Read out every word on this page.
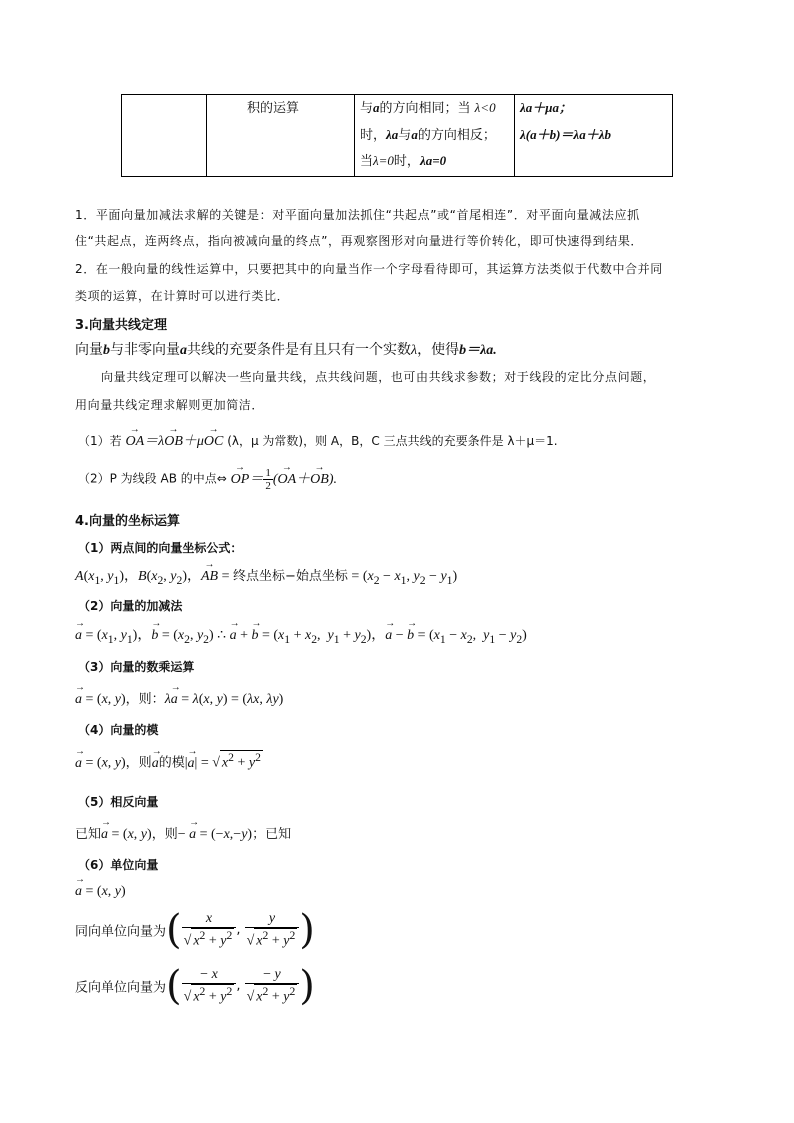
积的运算	与a的方向相同；当 λ<0
时，λa与a的方向相反；
当λ=0时，λa=0
λa＋μa；
λ(a＋b)＝λa＋λb
1．平面向量加减法求解的关键是：对平面向量加法抓住“共起点”或“首尾相连”．对平面向量减法应抓
住“共起点，连两终点，指向被减向量的终点”，再观察图形对向量进行等价转化，即可快速得到结果．
2．在一般向量的线性运算中，只要把其中的向量当作一个字母看待即可，其运算方法类似于代数中合并同
类项的运算，在计算时可以进行类比．
3.向量共线定理
向量b与非零向量a共线的充要条件是有且只有一个实数λ，使得b＝λa.
向量共线定理可以解决一些向量共线，点共线问题，也可由共线求参数；对于线段的定比分点问题，
用向量共线定理求解则更加简洁．
（1）若 → OA＝λ→ OB＋μ→ OC (λ，μ 为常数)，则 A，B，C 三点共线的充要条件是 λ＋μ＝1.
（2）P 为线段 AB 的中点⇔ → $OP= \frac{1}{2}$ (→ OA＋→ OB).
4.向量的坐标运算
（1）两点间的向量坐标公式：
$A(x_1$, $y_1$)，$B(x_2$, $y_2$)，→ AB = 终点坐标−始点坐标 = ($x_2 - x_1$, $y_2 - y_1$)
（2）向量的加减法
→ $a = (x_1$, $y_1$)，→ $b = (x_2$, $y_2$) ∴ → a + → $b = (x_1 + x_2$,  $y_1 + y_2$)，→ a − → $b = (x_1 - x_2$,  $y_1 - y_2$)
（3）向量的数乘运算
→ a = (x, y)，则：λ→ a = λ(x, y) = (λx, λy)
（4）向量的模
→ a = (x, y)，则→ a的模|→ a| = √ $x^2 + y^2$
（5）相反向量
已知→ a = (x, y)，则− → a = (−x,−y)；已知
（6）单位向量
→ a = (x, y)
同向单位向量为( $\frac{x}{√ x^2 + y^2}$ , $\frac{y}{√ x^2 + y^2}$ )
反向单位向量为( $\frac{- x}{√ x^2 + y^2}$ , $\frac{- y}{√ x^2 + y^2}$ )
